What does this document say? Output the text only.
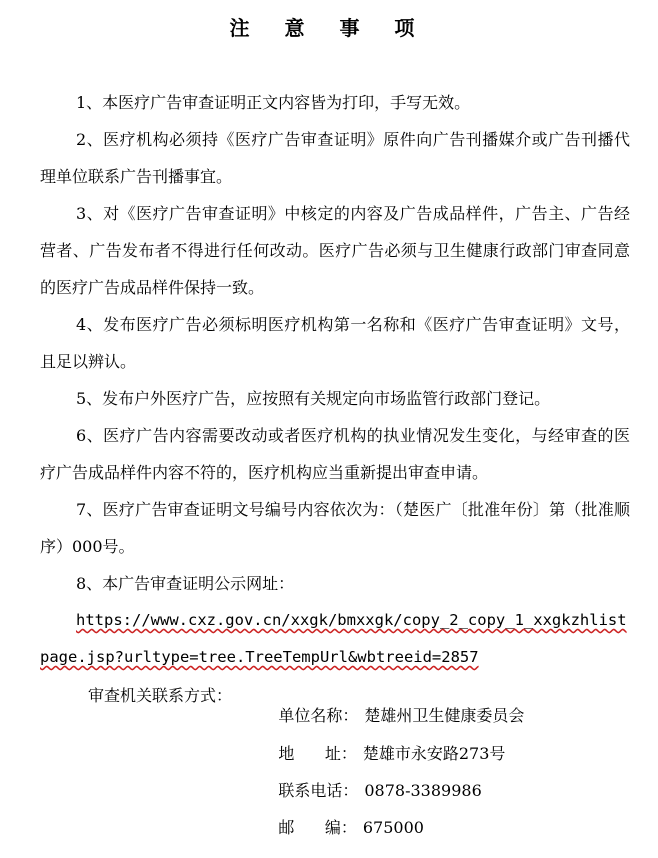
注 意 事 项
1、本医疗广告审查证明正文内容皆为打印，手写无效。
2、医疗机构必须持《医疗广告审查证明》原件向广告刊播媒介或广告刊播代理单位联系广告刊播事宜。
3、对《医疗广告审查证明》中核定的内容及广告成品样件，广告主、广告经营者、广告发布者不得进行任何改动。医疗广告必须与卫生健康行政部门审查同意的医疗广告成品样件保持一致。
4、发布医疗广告必须标明医疗机构第一名称和《医疗广告审查证明》文号，且足以辨认。
5、发布户外医疗广告，应按照有关规定向市场监管行政部门登记。
6、医疗广告内容需要改动或者医疗机构的执业情况发生变化，与经审查的医疗广告成品样件内容不符的，医疗机构应当重新提出审查申请。
7、医疗广告审查证明文号编号内容依次为：（楚医广〔批准年份〕第（批准顺序）000号。
8、本广告审查证明公示网址：
https://www.cxz.gov.cn/xxgk/bmxxgk/copy_2_copy_1_xxgkzhlist
page.jsp?urltype=tree.TreeTempUrl&wbtreeid=2857
审查机关联系方式：

单位名称： 楚雄州卫生健康委员会

地      址： 楚雄市永安路273号

联系电话： 0878-3389986

邮      编： 675000
